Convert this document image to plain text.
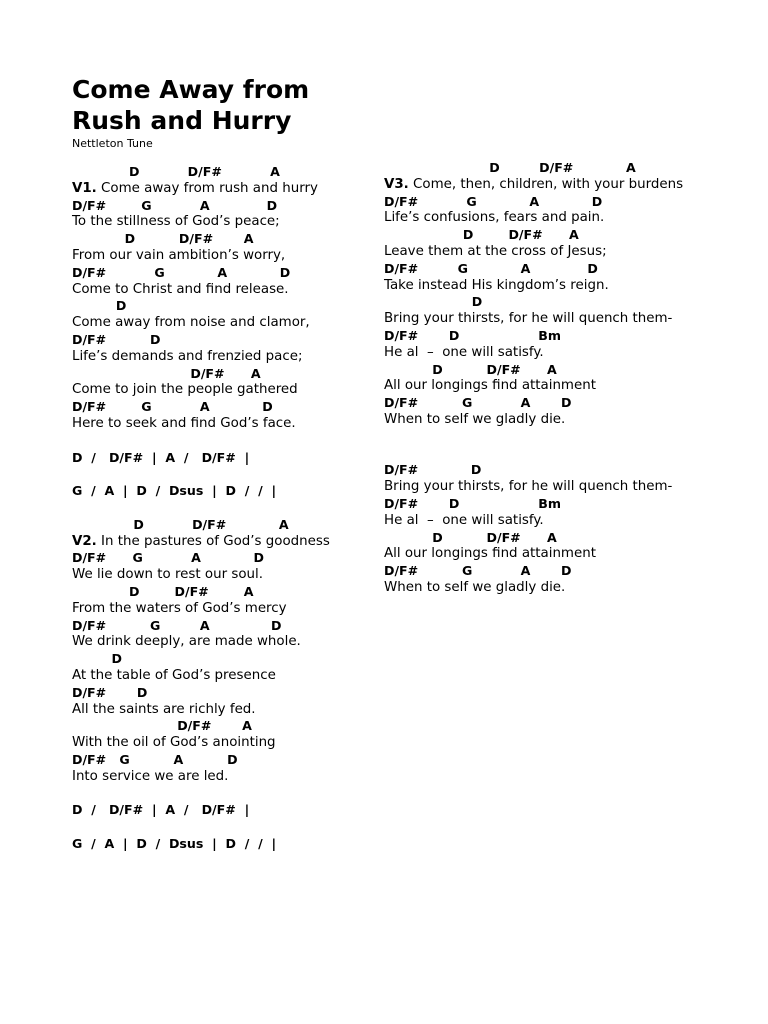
Come Away from
Rush and Hurry
Nettleton Tune
D           D/F#           A
V1. Come away from rush and hurry
D/F#        G           A             D
To the stillness of God’s peace;
D          D/F#       A
From our vain ambition’s worry,
D/F#           G            A            D
Come to Christ and find release.
D
Come away from noise and clamor,
D/F#          D
Life’s demands and frenzied pace;
D/F#      A
Come to join the people gathered
D/F#        G           A            D
Here to seek and find God’s face.
D  /   D/F#  |  A  /   D/F#  |
G  /  A  |  D  /  Dsus  |  D  /  /  |
D           D/F#            A
V2. In the pastures of God’s goodness
D/F#      G           A            D
We lie down to rest our soul.
D        D/F#        A
From the waters of God’s mercy
D/F#          G         A              D
We drink deeply, are made whole.
D
At the table of God’s presence
D/F#       D
All the saints are richly fed.
D/F#       A
With the oil of God’s anointing
D/F#   G          A          D
Into service we are led.
D  /   D/F#  |  A  /   D/F#  |
G  /  A  |  D  /  Dsus  |  D  /  /  |
D         D/F#            A
V3. Come, then, children, with your burdens
D/F#           G            A            D
Life’s confusions, fears and pain.
D        D/F#      A
Leave them at the cross of Jesus;
D/F#         G            A             D
Take instead His kingdom’s reign.
D
Bring your thirsts, for he will quench them-
D/F#       D                  Bm
He al  –  one will satisfy.
D          D/F#      A
All our longings find attainment
D/F#          G           A       D
When to self we gladly die.
D/F#            D
Bring your thirsts, for he will quench them-
D/F#       D                  Bm
He al  –  one will satisfy.
D          D/F#      A
All our longings find attainment
D/F#          G           A       D
When to self we gladly die.
